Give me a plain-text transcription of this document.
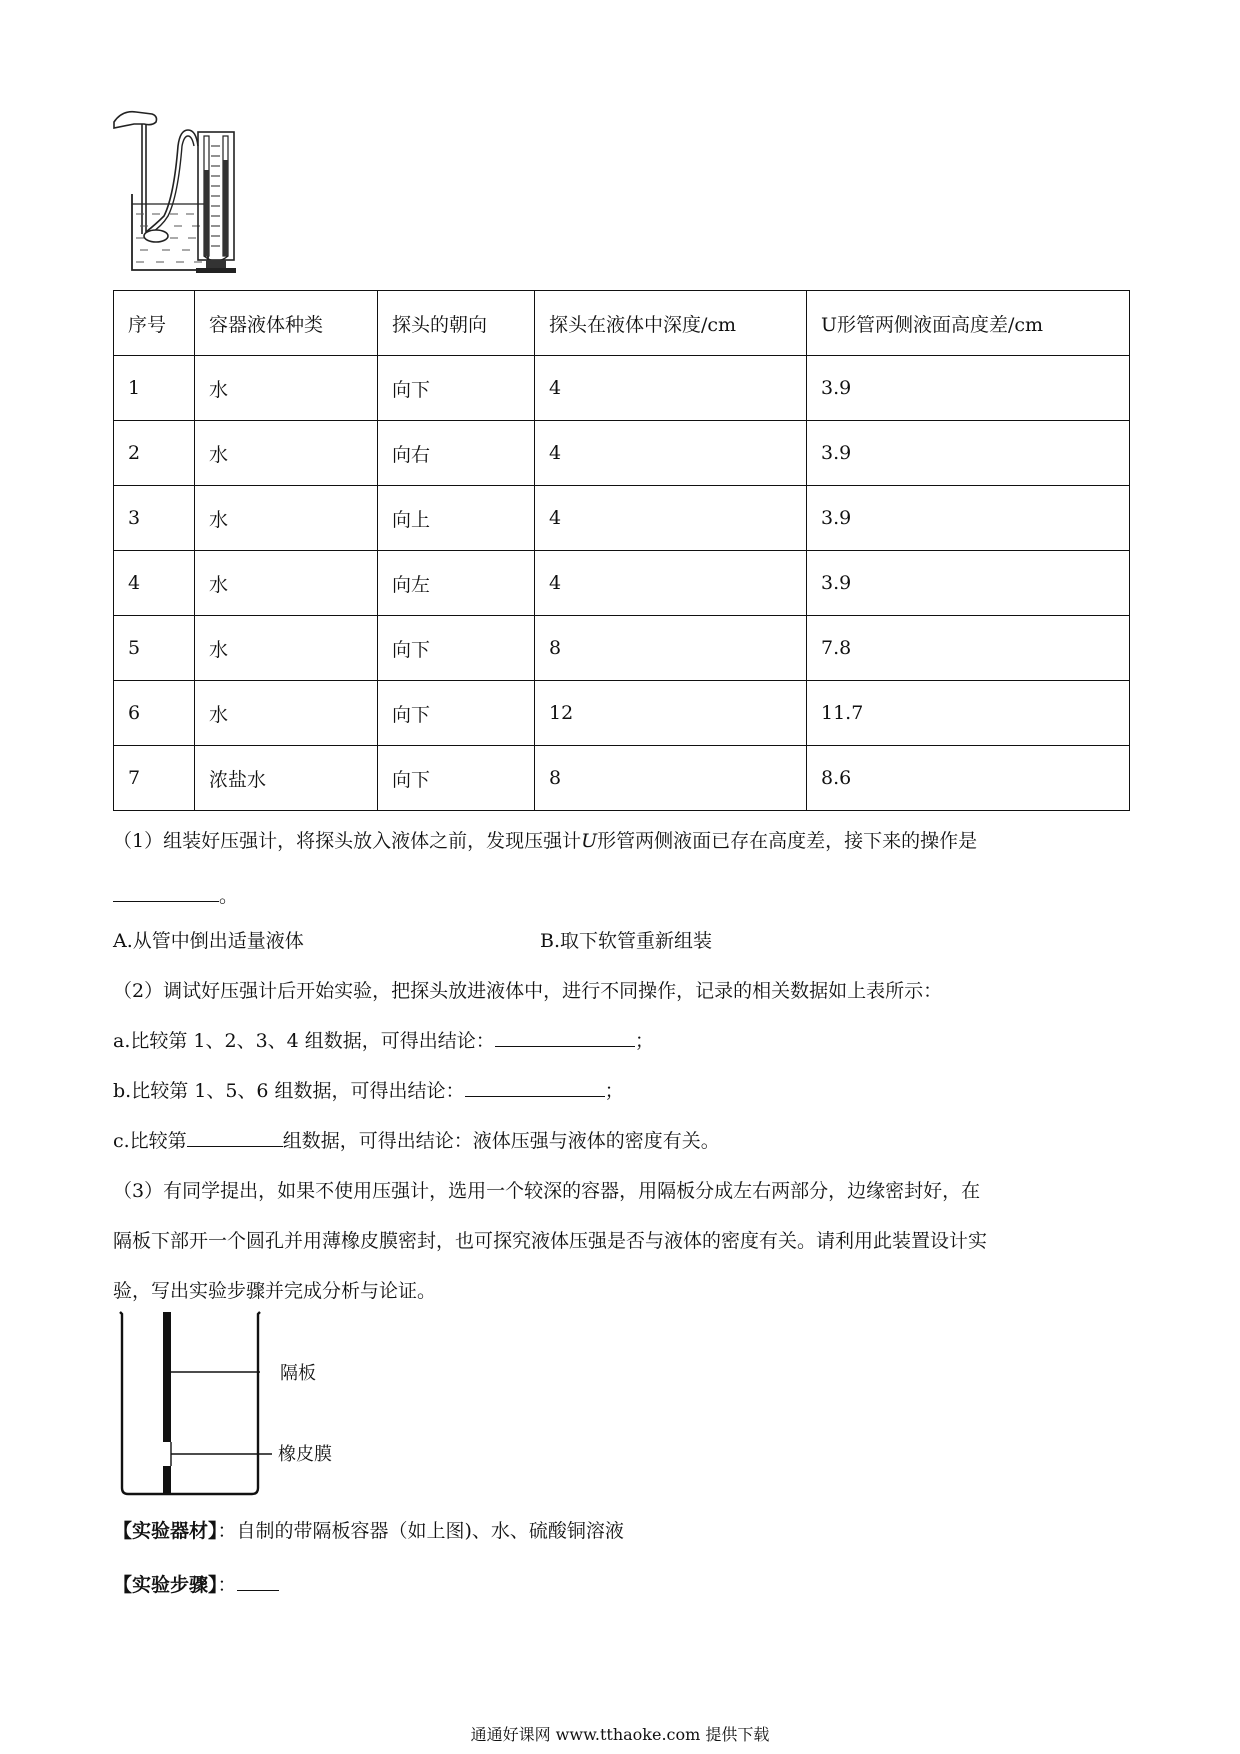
序号	容器液体种类	探头的朝向	探头在液体中深度/cm	U形管两侧液面高度差/cm
1	水	向下	4	3.9
2	水	向右	4	3.9
3	水	向上	4	3.9
4	水	向左	4	3.9
5	水	向下	8	7.8
6	水	向下	12	11.7
7	浓盐水	向下	8	8.6
（1）组装好压强计，将探头放入液体之前，发现压强计U形管两侧液面已存在高度差，接下来的操作是
。
A.从管中倒出适量液体	B.取下软管重新组装
（2）调试好压强计后开始实验，把探头放进液体中，进行不同操作，记录的相关数据如上表所示：
a.比较第 1、2、3、4 组数据，可得出结论：	；
b.比较第 1、5、6 组数据，可得出结论：	；
c.比较第	组数据，可得出结论：液体压强与液体的密度有关。
（3）有同学提出，如果不使用压强计，选用一个较深的容器，用隔板分成左右两部分，边缘密封好，在
隔板下部开一个圆孔并用薄橡皮膜密封，也可探究液体压强是否与液体的密度有关。请利用此装置设计实
验，写出实验步骤并完成分析与论证。
隔板
橡皮膜
【实验器材】：自制的带隔板容器（如上图)、水、硫酸铜溶液
【实验步骤】：
通通好课网 www.tthaoke.com 提供下载
